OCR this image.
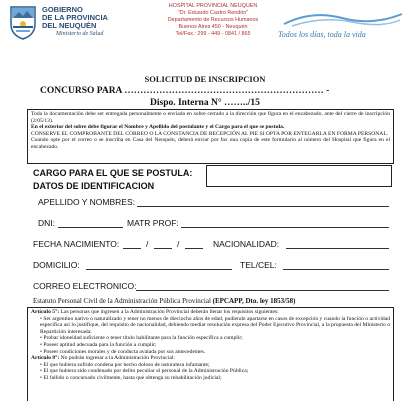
GOBIERNO
DE LA PROVINCIA
DEL NEUQUÉN
Ministerio de Salud
HOSPITAL PROVINCIAL NEUQUEN
"Dr. Eduardo Castro Rendón"
Departamento de Recursos Humanos
Buenos Aires 450 - Neuquén
Tel/Fax.: 299 - 449 - 0841 / 865	Todos los días, toda la vida
SOLICITUD DE INSCRIPCION
CONCURSO PARA ……………………………………………………… -
Dispo. Interna N° ……../15
Toda la documentación debe ser entregada personalmente o enviada en sobre cerrado a la dirección que figura en el encabezado, ante del cierre de inscripción (2/05/13).
En el exterior del sobre debe figurar el Nombre y Apellido del postulante y el Cargo para el que se postula.
CONSERVE EL COMPROBANTE DEL CORREO O LA CONSTANCIA DE RECEPCIÓN AL PIE SI OPTA POR ENTEGARLA EN FORMA PERSONAL.
Cuando opte por el correo o se inscriba en Casa del Neuquén, deberá enviar por fax una copia de este formulario al número del Hospital que figura en el encabezado.
CARGO PARA EL QUE SE POSTULA:
DATOS DE IDENTIFICACION
APELLIDO Y NOMBRES:
DNI:	MATR PROF:
FECHA NACIMIENTO:	/	/	NACIONALIDAD:
DOMICILIO:	TEL/CEL:
CORREO ELECTRONICO:
Estatuto Personal Civil de la Administración Pública Provincial (EPCAPP, Dto. ley 1853/58)
Artículo 5°: Las personas que ingresen a la Administración Provincial deberán llenar los requisitos siguientes:
• Ser argentino nativo o naturalizado y tener no menos de dieciocho años de edad, pudiendo apartarse en casos de excepción y cuando la función o actividad específica así lo justifique, del requisito de nacionalidad, debiendo mediar resolución expresa del Poder Ejecutivo Provincial, a la propuesta del Ministerio o Repartición interesada;
• Probar idoneidad suficiente o tener título habilitante para la función específica a cumplir;
• Poseer aptitud adecuada para la función a cumplir;
• Poseer condiciones morales y de conducta avalada por sus antecedentes.
Artículo 8°: No podrán ingresar a la Administración Provincial:
• El que hubiera sufrido condena por hecho doloso de naturaleza infamante;
• El que hubiera sido condenado por delito peculiar al personal de la Administración Pública;
• El fallido o concursado civilmente, hasta que obtenga su rehabilitación judicial;
